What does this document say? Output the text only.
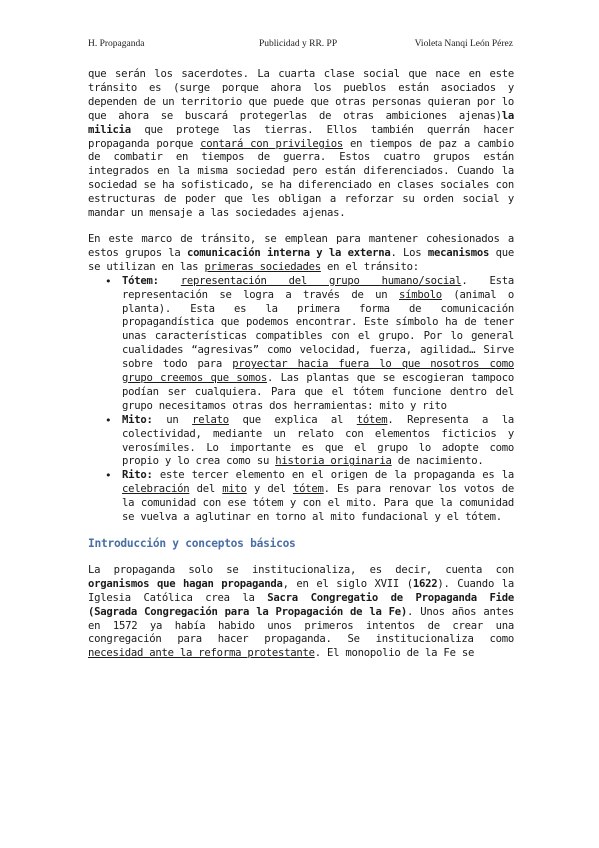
H. Propaganda	Publicidad y RR. PP	Violeta Nanqi León Pérez

que serán los sacerdotes. La cuarta clase social que nace en este tránsito es (surge porque ahora los pueblos están asociados y dependen de un territorio que puede que otras personas quieran por lo que ahora se buscará protegerlas de otras ambiciones ajenas)la milicia que protege las tierras. Ellos también querrán hacer propaganda porque contará con privilegios en tiempos de paz a cambio de combatir en tiempos de guerra. Estos cuatro grupos están integrados en la misma sociedad pero están diferenciados. Cuando la sociedad se ha sofisticado, se ha diferenciado en clases sociales con estructuras de poder que les obligan a reforzar su orden social y mandar un mensaje a las sociedades ajenas.

En este marco de tránsito, se emplean para mantener cohesionados a estos grupos la comunicación interna y la externa. Los mecanismos que se utilizan en las primeras sociedades en el tránsito:

• Tótem: representación del grupo humano/social. Esta representación se logra a través de un símbolo (animal o planta). Esta es la primera forma de comunicación propagandística que podemos encontrar. Este símbolo ha de tener unas características compatibles con el grupo. Por lo general cualidades “agresivas” como velocidad, fuerza, agilidad… Sirve sobre todo para proyectar hacia fuera lo que nosotros como grupo creemos que somos. Las plantas que se escogieran tampoco podían ser cualquiera. Para que el tótem funcione dentro del grupo necesitamos otras dos herramientas: mito y rito
• Mito: un relato que explica al tótem. Representa a la colectividad, mediante un relato con elementos ficticios y verosímiles. Lo importante es que el grupo lo adopte como propio y lo crea como su historia originaria de nacimiento.
• Rito: este tercer elemento en el origen de la propaganda es la celebración del mito y del tótem. Es para renovar los votos de la comunidad con ese tótem y con el mito. Para que la comunidad se vuelva a aglutinar en torno al mito fundacional y el tótem.
Introducción y conceptos básicos

La propaganda solo se institucionaliza, es decir, cuenta con organismos que hagan propaganda, en el siglo XVII (1622). Cuando la Iglesia Católica crea la Sacra Congregatio de Propaganda Fide (Sagrada Congregación para la Propagación de la Fe). Unos años antes en 1572 ya había habido unos primeros intentos de crear una congregación para hacer propaganda. Se institucionaliza como necesidad ante la reforma protestante. El monopolio de la Fe se
